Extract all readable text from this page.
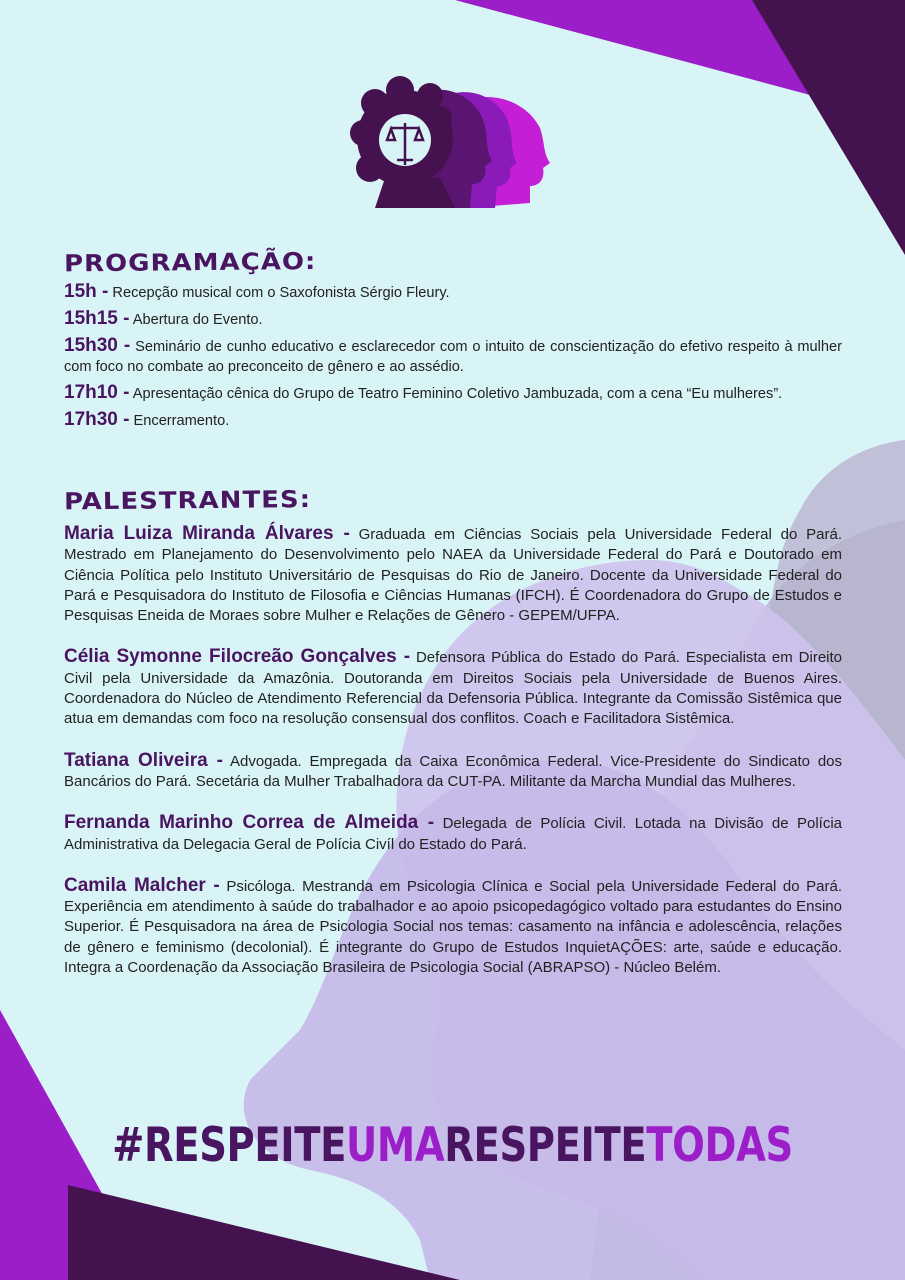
PROGRAMAÇÃO:
15h - Recepção musical com o Saxofonista Sérgio Fleury.
15h15 - Abertura do Evento.
15h30 - Seminário de cunho educativo e esclarecedor com o intuito de conscientização do efetivo respeito à mulher com foco no combate ao preconceito de gênero e ao assédio.
17h10 - Apresentação cênica do Grupo de Teatro Feminino Coletivo Jambuzada, com a cena “Eu mulheres”.
17h30 - Encerramento.
PALESTRANTES:

Maria Luiza Miranda Álvares - Graduada em Ciências Sociais pela Universidade Federal do Pará. Mestrado em Planejamento do Desenvolvimento pelo NAEA da Universidade Federal do Pará e Doutorado em Ciência Política pelo Instituto Universitário de Pesquisas do Rio de Janeiro. Docente da Universidade Federal do Pará e Pesquisadora do Instituto de Filosofia e Ciências Humanas (IFCH). É Coordenadora do Grupo de Estudos e Pesquisas Eneida de Moraes sobre Mulher e Relações de Gênero - GEPEM/UFPA.

Célia Symonne Filocreão Gonçalves - Defensora Pública do Estado do Pará. Especialista em Direito Civil pela Universidade da Amazônia. Doutoranda em Direitos Sociais pela Universidade de Buenos Aires. Coordenadora do Núcleo de Atendimento Referencial da Defensoria Pública. Integrante da Comissão Sistêmica que atua em demandas com foco na resolução consensual dos conflitos. Coach e Facilitadora Sistêmica.

Tatiana Oliveira - Advogada. Empregada da Caixa Econômica Federal. Vice-Presidente do Sindicato dos Bancários do Pará. Secetária da Mulher Trabalhadora da CUT-PA. Militante da Marcha Mundial das Mulheres.

Fernanda Marinho Correa de Almeida - Delegada de Polícia Civil. Lotada na Divisão de Polícia Administrativa da Delegacia Geral de Polícia Civíl do Estado do Pará.

Camila Malcher - Psicóloga. Mestranda em Psicologia Clínica e Social pela Universidade Federal do Pará. Experiência em atendimento à saúde do trabalhador e ao apoio psicopedagógico voltado para estudantes do Ensino Superior. É Pesquisadora na área de Psicologia Social nos temas: casamento na infância e adolescência, relações de gênero e feminismo (decolonial). É integrante do Grupo de Estudos InquietAÇÕES: arte, saúde e educação. Integra a Coordenação da Associação Brasileira de Psicologia Social (ABRAPSO) - Núcleo Belém.

#RESPEITEUMARESPEITETODAS
